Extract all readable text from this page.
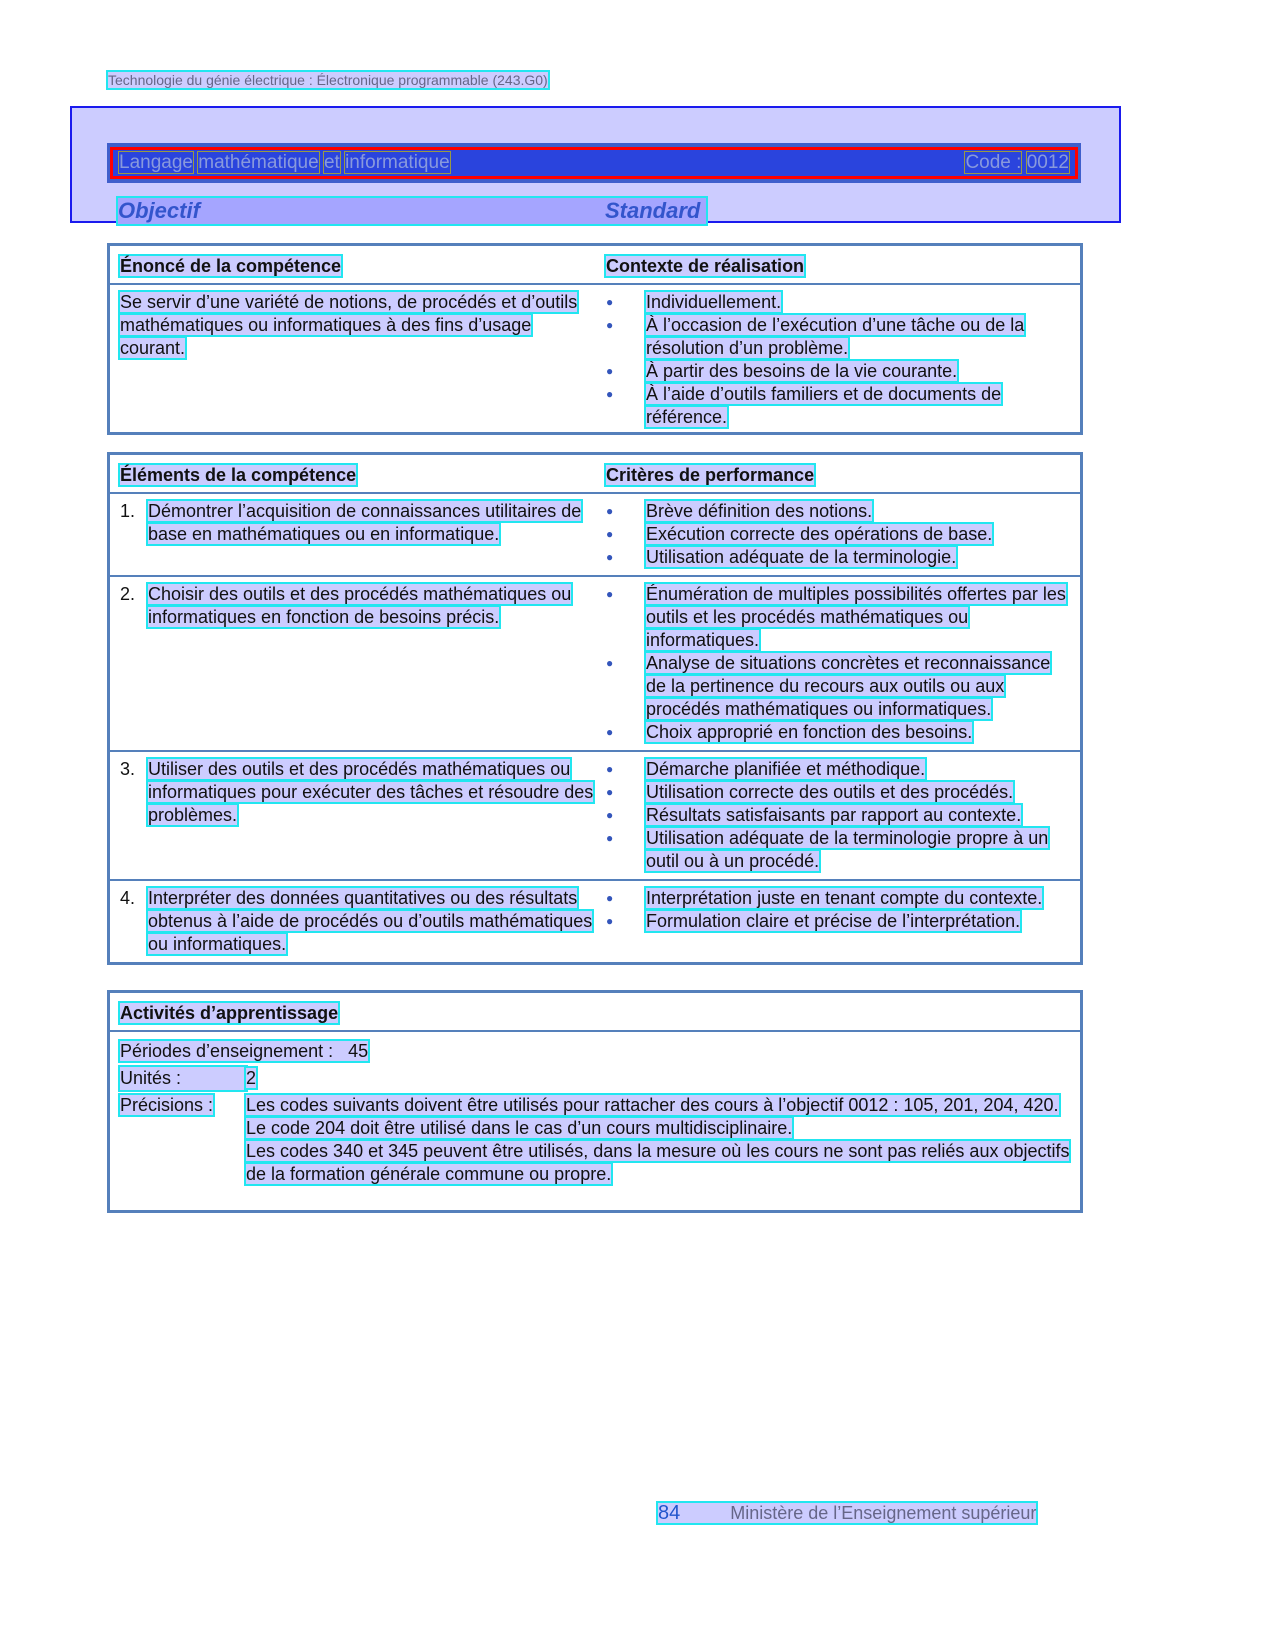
Technologie du génie électrique : Électronique programmable (243.G0)
Langage mathématique et informatique	Code : 0012
Objectif	Standard
Énoncé de la compétence	Contexte de réalisation
Se servir d’une variété de notions, de procédés et d’outils mathématiques ou informatiques à des fins d’usage courant.
●	Individuellement.
●	À l’occasion de l’exécution d’une tâche ou de la résolution d’un problème.
●	À partir des besoins de la vie courante.
●	À l’aide d’outils familiers et de documents de référence.
Éléments de la compétence	Critères de performance
1. Démontrer l’acquisition de connaissances utilitaires de base en mathématiques ou en informatique.
●	Brève définition des notions.
●	Exécution correcte des opérations de base.
●	Utilisation adéquate de la terminologie.
2. Choisir des outils et des procédés mathématiques ou informatiques en fonction de besoins précis.
●	Énumération de multiples possibilités offertes par les outils et les procédés mathématiques ou informatiques.
●	Analyse de situations concrètes et reconnaissance de la pertinence du recours aux outils ou aux procédés mathématiques ou informatiques.
●	Choix approprié en fonction des besoins.
3. Utiliser des outils et des procédés mathématiques ou informatiques pour exécuter des tâches et résoudre des problèmes.
●	Démarche planifiée et méthodique.
●	Utilisation correcte des outils et des procédés.
●	Résultats satisfaisants par rapport au contexte.
●	Utilisation adéquate de la terminologie propre à un outil ou à un procédé.
4. Interpréter des données quantitatives ou des résultats obtenus à l’aide de procédés ou d’outils mathématiques ou informatiques.
●	Interprétation juste en tenant compte du contexte.
●	Formulation claire et précise de l’interprétation.
Activités d’apprentissage
Périodes d’enseignement : 45
Unités :	2
Précisions :	Les codes suivants doivent être utilisés pour rattacher des cours à l’objectif 0012 : 105, 201, 204, 420.
Le code 204 doit être utilisé dans le cas d’un cours multidisciplinaire.
Les codes 340 et 345 peuvent être utilisés, dans la mesure où les cours ne sont pas reliés aux objectifs de la formation générale commune ou propre.
84	Ministère de l’Enseignement supérieur
